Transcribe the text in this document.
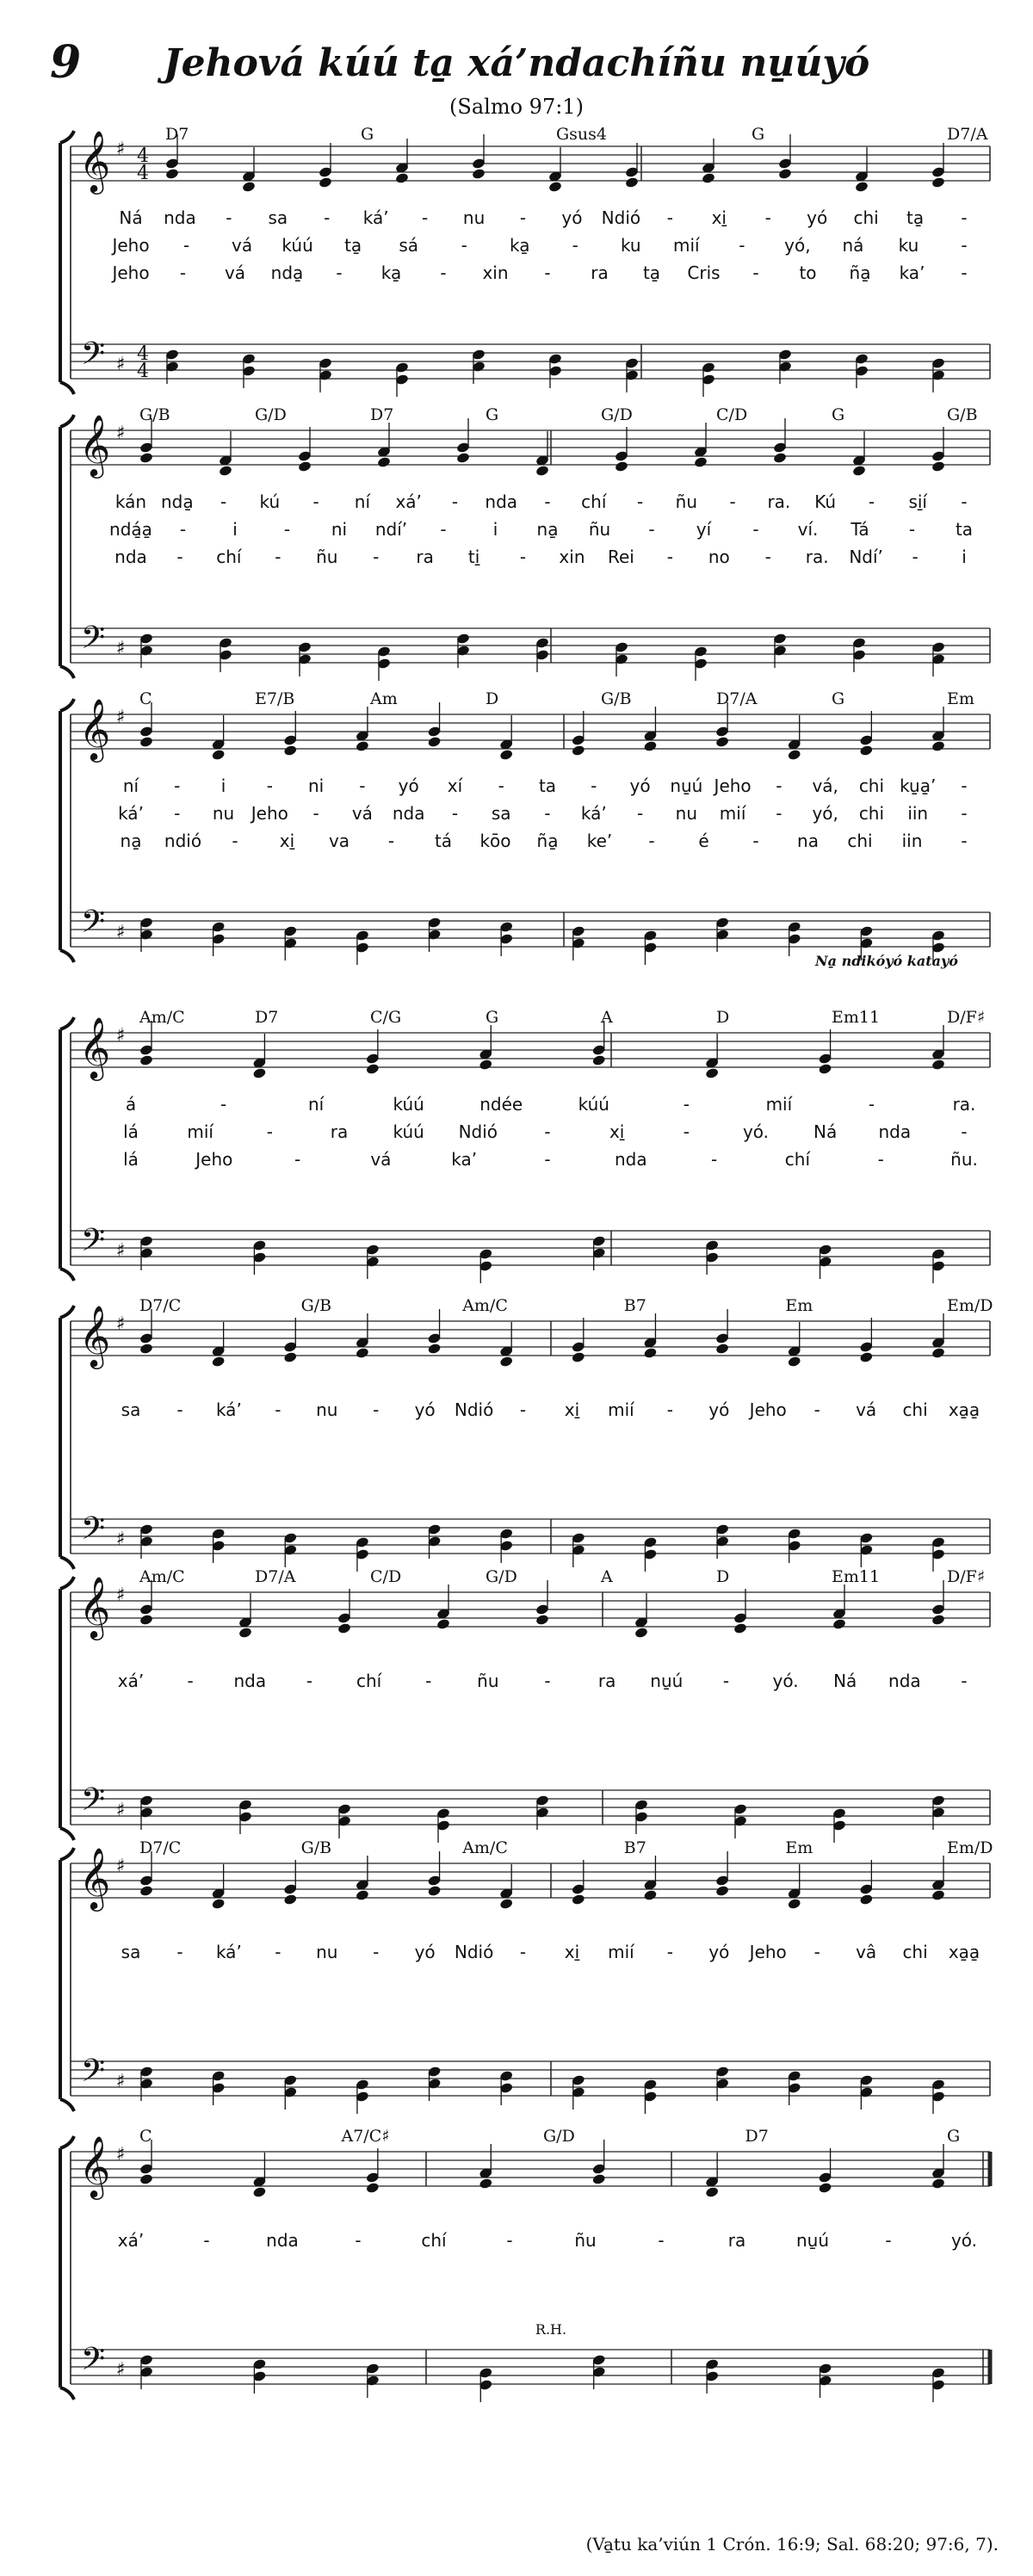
9	Jehová kúú ta̱ xá’ndachíñu nu̱úyó
(Salmo 97:1)
𝄞
𝄢
♯
♯
4
4
4
4
D7	G	Gsus4	G	D7/A
Ná nda - sa - ká’ - nu - yó Ndió - xi̱ - yó chi ta̱ -
Jeho - vá kúú ta̱ sá - ka̱ - ku mií - yó, ná ku -
Jeho - vá nda̱ - ka̱ - xin - ra ta̱ Cris - to ña̱ ka’ -
𝄞
𝄢
♯
♯
G/B	G/D	D7	G	G/D	C/D	G	G/B
kán nda̱ - kú - ní xá’ - nda - chí - ñu - ra. Kú - si̱í -
ndá̱a̱ -	i	- ni ndí’ -	i na̱ ñu - yí - ví. Tá - ta
nda - chí - ñu - ra ti̱ - xin Rei - no - ra. Ndí’ -	i
𝄞
𝄢
♯
♯
C	E7/B	Am	D	G/B	D7/A	G	Em
ní - i - ni - yó xí - ta - yó nu̱ú Jeho - vá, chi ku̱a̱’ -
ká’ - nu Jeho - vá nda - sa - ká’ - nu mií - yó, chi iin -
na̱ ndió - xi̱ va - tá kōo ña̱ ke’ -	é	- na chi iin -
Na̱ ndikóyó katayó
𝄞
𝄢
♯
♯
Am/C	D7	C/G	G	A	D	Em11	D/F♯
á	-	ní	kúú	ndée	kúú	-	mií	-	ra.
lá	mií	-	ra	kúú Ndió	-	xi̱	-	yó.	Ná nda	-
lá	Jeho	-	vá	ka’	-	nda	-	chí	-	ñu.
𝄞
𝄢
♯
♯
D7/C	G/B	Am/C	B7	Em	Em/D
sa - ká’ - nu - yó Ndió - xi̱ mií - yó Jeho - vá chi xa̱a̱
𝄞
𝄢
♯
♯
Am/C	D7/A	C/D	G/D	A	D	Em11	D/F♯
xá’	- nda -	chí	-	ñu	-	ra nu̱ú -	yó. Ná nda -
𝄞
𝄢
♯
♯
D7/C	G/B	Am/C	B7	Em	Em/D
sa - ká’ - nu - yó Ndió - xi̱ mií - yó Jeho - vâ chi xa̱a̱
𝄞
𝄢
♯
♯
C	A7/C♯	G/D	D7	G
xá’	-	nda	-	chí	-	ñu	-	ra	nu̱ú	-	yó.
R.H.
(Va̱tu ka’viún 1 Crón. 16:9; Sal. 68:20; 97:6, 7).
